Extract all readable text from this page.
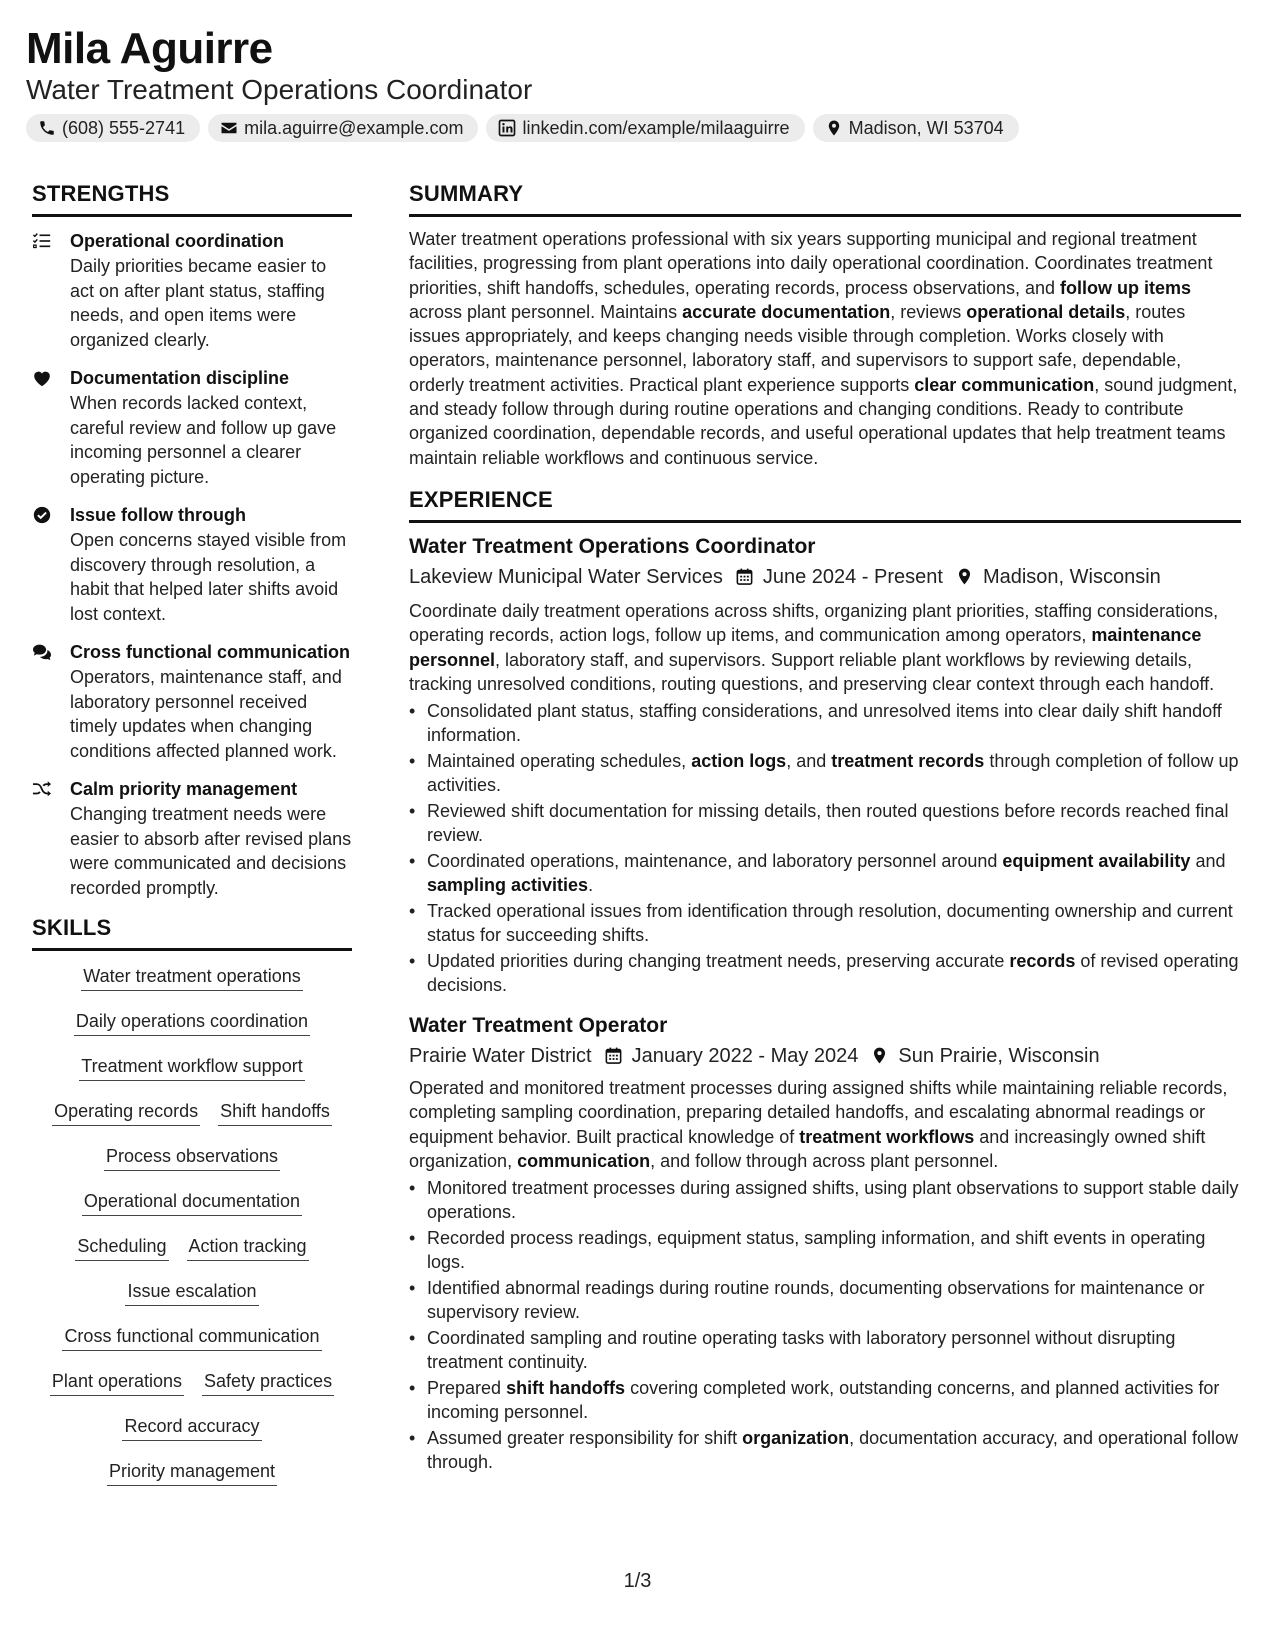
Mila Aguirre
Water Treatment Operations Coordinator
(608) 555-2741	mila.aguirre@example.com	linkedin.com/example/milaaguirre	Madison, WI 53704
STRENGTHS
Operational coordination
Daily priorities became easier to act on after plant status, staffing needs, and open items were organized clearly.
Documentation discipline
When records lacked context, careful review and follow up gave incoming personnel a clearer operating picture.
Issue follow through
Open concerns stayed visible from discovery through resolution, a habit that helped later shifts avoid lost context.
Cross functional communication
Operators, maintenance staff, and laboratory personnel received timely updates when changing conditions affected planned work.
Calm priority management
Changing treatment needs were easier to absorb after revised plans were communicated and decisions recorded promptly.
SKILLS
Water treatment operations
Daily operations coordination
Treatment workflow support
Operating records Shift handoffs
Process observations
Operational documentation
Scheduling Action tracking
Issue escalation
Cross functional communication
Plant operations Safety practices
Record accuracy
Priority management
SUMMARY
Water treatment operations professional with six years supporting municipal and regional treatment facilities, progressing from plant operations into daily operational coordination. Coordinates treatment priorities, shift handoffs, schedules, operating records, process observations, and follow up items across plant personnel. Maintains accurate documentation, reviews operational details, routes issues appropriately, and keeps changing needs visible through completion. Works closely with operators, maintenance personnel, laboratory staff, and supervisors to support safe, dependable, orderly treatment activities. Practical plant experience supports clear communication, sound judgment, and steady follow through during routine operations and changing conditions. Ready to contribute organized coordination, dependable records, and useful operational updates that help treatment teams maintain reliable workflows and continuous service.
EXPERIENCE
Water Treatment Operations Coordinator
Lakeview Municipal Water Services June 2024 - Present Madison, Wisconsin
Coordinate daily treatment operations across shifts, organizing plant priorities, staffing considerations, operating records, action logs, follow up items, and communication among operators, maintenance personnel, laboratory staff, and supervisors. Support reliable plant workflows by reviewing details, tracking unresolved conditions, routing questions, and preserving clear context through each handoff.
• Consolidated plant status, staffing considerations, and unresolved items into clear daily shift handoff information.
• Maintained operating schedules, action logs, and treatment records through completion of follow up activities.
• Reviewed shift documentation for missing details, then routed questions before records reached final review.
• Coordinated operations, maintenance, and laboratory personnel around equipment availability and sampling activities.
• Tracked operational issues from identification through resolution, documenting ownership and current status for succeeding shifts.
• Updated priorities during changing treatment needs, preserving accurate records of revised operating decisions.
Water Treatment Operator
Prairie Water District January 2022 - May 2024 Sun Prairie, Wisconsin
Operated and monitored treatment processes during assigned shifts while maintaining reliable records, completing sampling coordination, preparing detailed handoffs, and escalating abnormal readings or equipment behavior. Built practical knowledge of treatment workflows and increasingly owned shift organization, communication, and follow through across plant personnel.
• Monitored treatment processes during assigned shifts, using plant observations to support stable daily operations.
• Recorded process readings, equipment status, sampling information, and shift events in operating logs.
• Identified abnormal readings during routine rounds, documenting observations for maintenance or supervisory review.
• Coordinated sampling and routine operating tasks with laboratory personnel without disrupting treatment continuity.
• Prepared shift handoffs covering completed work, outstanding concerns, and planned activities for incoming personnel.
• Assumed greater responsibility for shift organization, documentation accuracy, and operational follow through.
1/3
